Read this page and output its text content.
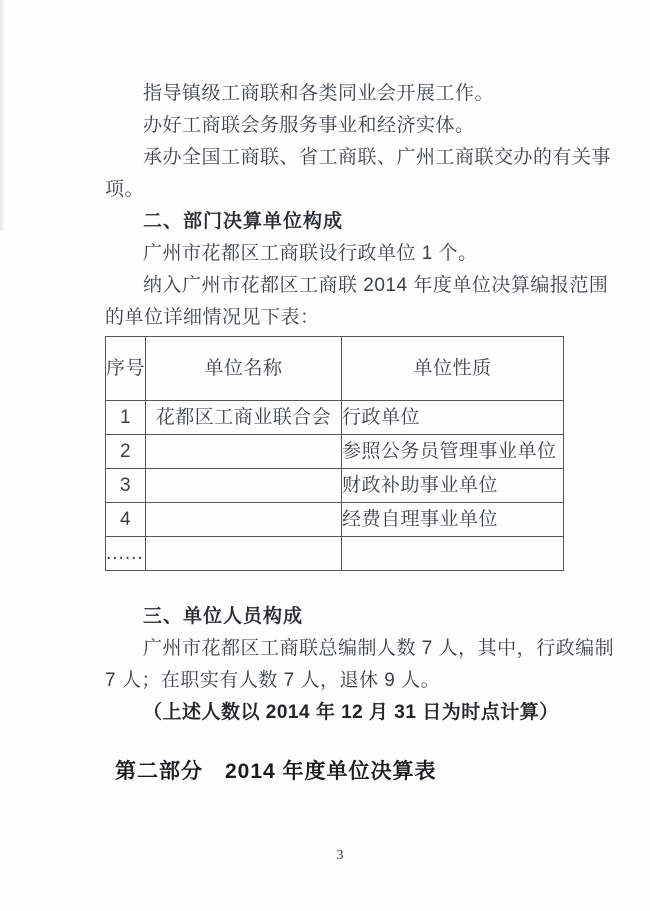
指导镇级工商联和各类同业会开展工作。

办好工商联会务服务事业和经济实体。

承办全国工商联、省工商联、广州工商联交办的有关事

项。

二、部门决算单位构成

广州市花都区工商联设行政单位 1 个。

纳入广州市花都区工商联 2014 年度单位决算编报范围

的单位详细情况见下表：

序号	单位名称	单位性质
1	花都区工商业联合会	行政单位
2		参照公务员管理事业单位
3		财政补助事业单位
4		经费自理事业单位
......		

三、单位人员构成

广州市花都区工商联总编制人数 7 人，其中，行政编制

7 人；在职实有人数 7 人，退休 9 人。

（上述人数以 2014 年 12 月 31 日为时点计算）

第二部分　2014 年度单位决算表

3
